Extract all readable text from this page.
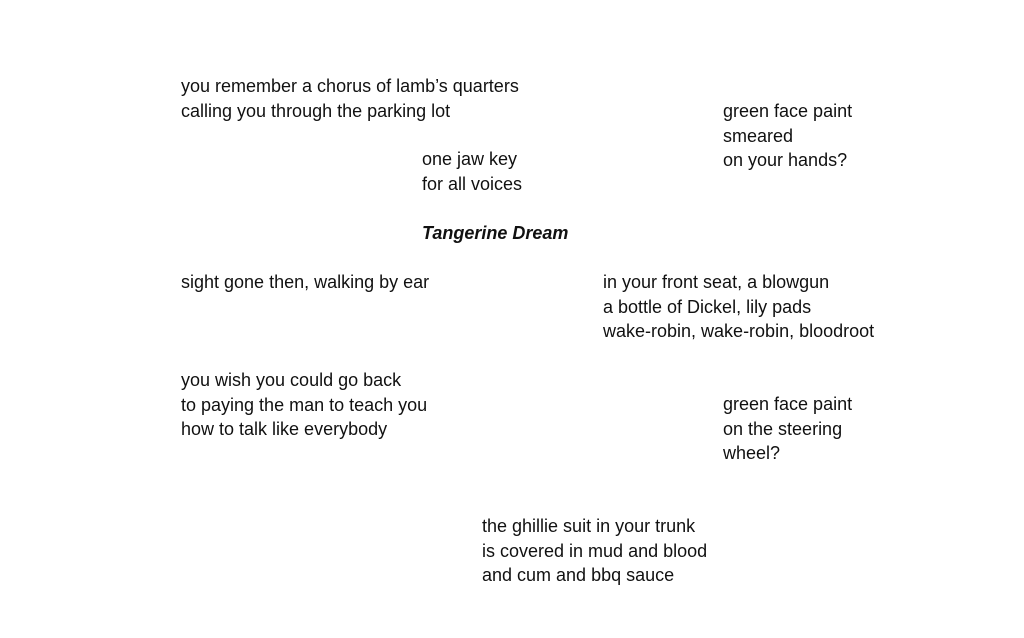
you remember a chorus of lamb’s quarters
calling you through the parking lot	green face paint
smeared
on your hands?
one jaw key
for all voices
Tangerine Dream
sight gone then, walking by ear	in your front seat, a blowgun
a bottle of Dickel, lily pads
wake-robin, wake-robin, bloodroot
you wish you could go back
to paying the man to teach you
how to talk like everybody
green face paint
on the steering
wheel?
the ghillie suit in your trunk
is covered in mud and blood
and cum and bbq sauce
